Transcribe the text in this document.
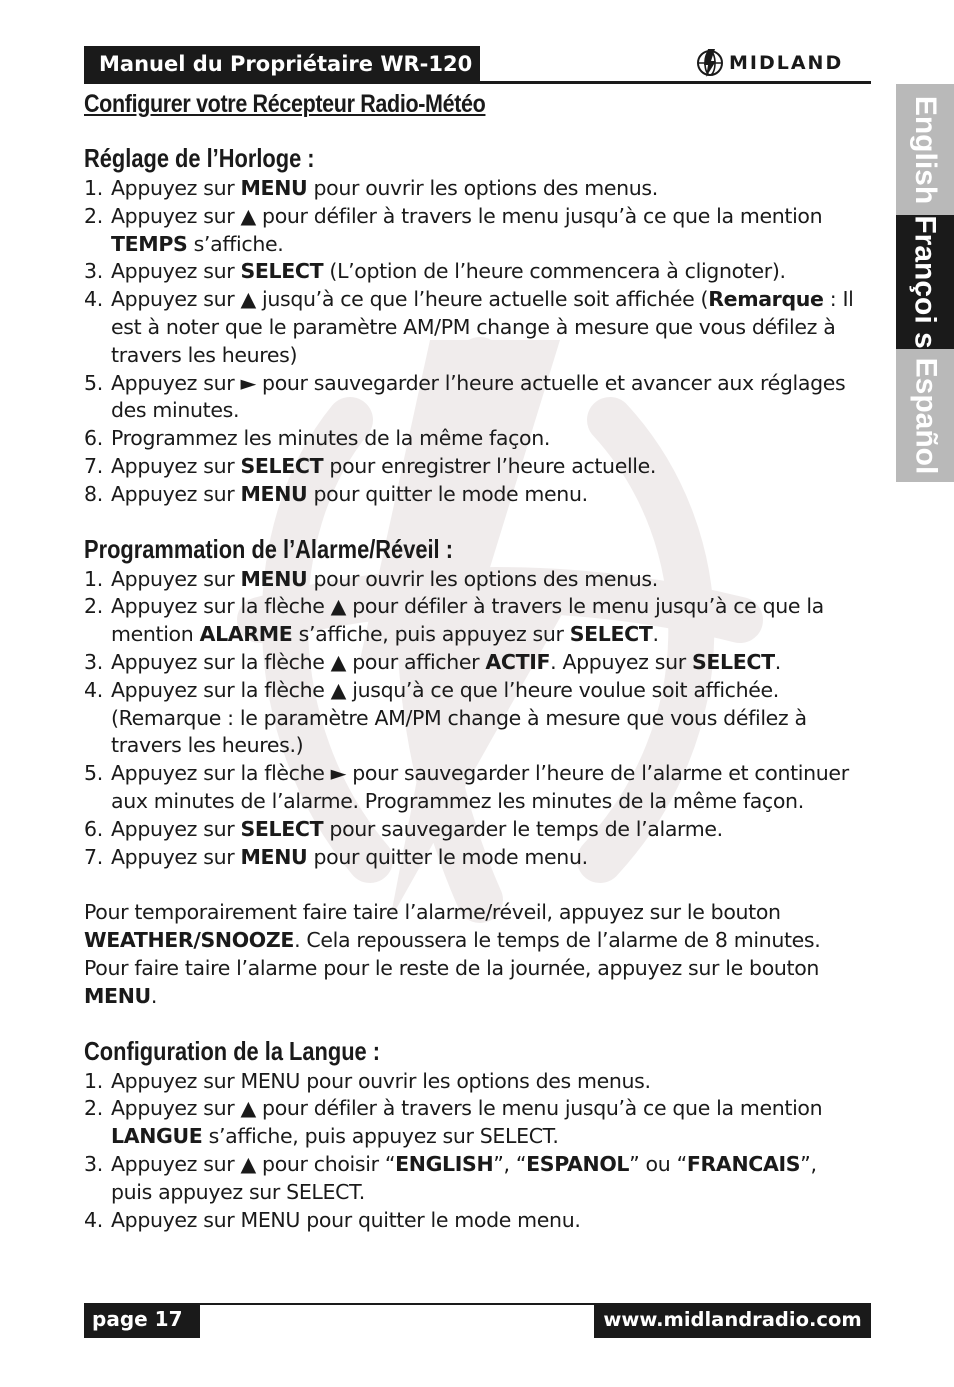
Manuel du Propriétaire WR-120	MIDLAND
English
Françoi s
Español
Configurer votre Récepteur Radio-Météo
Réglage de l’Horloge :
1. Appuyez sur MENU pour ouvrir les options des menus.
2. Appuyez sur ▲ pour défiler à travers le menu jusqu’à ce que la mention TEMPS s’affiche.
3. Appuyez sur SELECT (L’option de l’heure commencera à clignoter).
4. Appuyez sur ▲ jusqu’à ce que l’heure actuelle soit affichée (Remarque : Il est à noter que le paramètre AM/PM change à mesure que vous défilez à travers les heures)
5. Appuyez sur ► pour sauvegarder l’heure actuelle et avancer aux réglages des minutes.
6. Programmez les minutes de la même façon.
7. Appuyez sur SELECT pour enregistrer l’heure actuelle.
8. Appuyez sur MENU pour quitter le mode menu.
Programmation de l’Alarme/Réveil :
1. Appuyez sur MENU pour ouvrir les options des menus.
2. Appuyez sur la flèche ▲ pour défiler à travers le menu jusqu’à ce que la mention ALARME s’affiche, puis appuyez sur SELECT.
3. Appuyez sur la flèche ▲ pour afficher ACTIF. Appuyez sur SELECT.
4. Appuyez sur la flèche ▲ jusqu’à ce que l’heure voulue soit affichée. (Remarque : le paramètre AM/PM change à mesure que vous défilez à travers les heures.)
5. Appuyez sur la flèche ► pour sauvegarder l’heure de l’alarme et continuer aux minutes de l’alarme. Programmez les minutes de la même façon.
6. Appuyez sur SELECT pour sauvegarder le temps de l’alarme.
7. Appuyez sur MENU pour quitter le mode menu.
Pour temporairement faire taire l’alarme/réveil, appuyez sur le bouton WEATHER/SNOOZE. Cela repoussera le temps de l’alarme de 8 minutes. Pour faire taire l’alarme pour le reste de la journée, appuyez sur le bouton MENU.
Configuration de la Langue :
1. Appuyez sur MENU pour ouvrir les options des menus.
2. Appuyez sur ▲ pour défiler à travers le menu jusqu’à ce que la mention LANGUE s’affiche, puis appuyez sur SELECT.
3. Appuyez sur ▲ pour choisir “ENGLISH”, “ESPANOL” ou “FRANCAIS”, puis appuyez sur SELECT.
4. Appuyez sur MENU pour quitter le mode menu.
page 17	www.midlandradio.com
